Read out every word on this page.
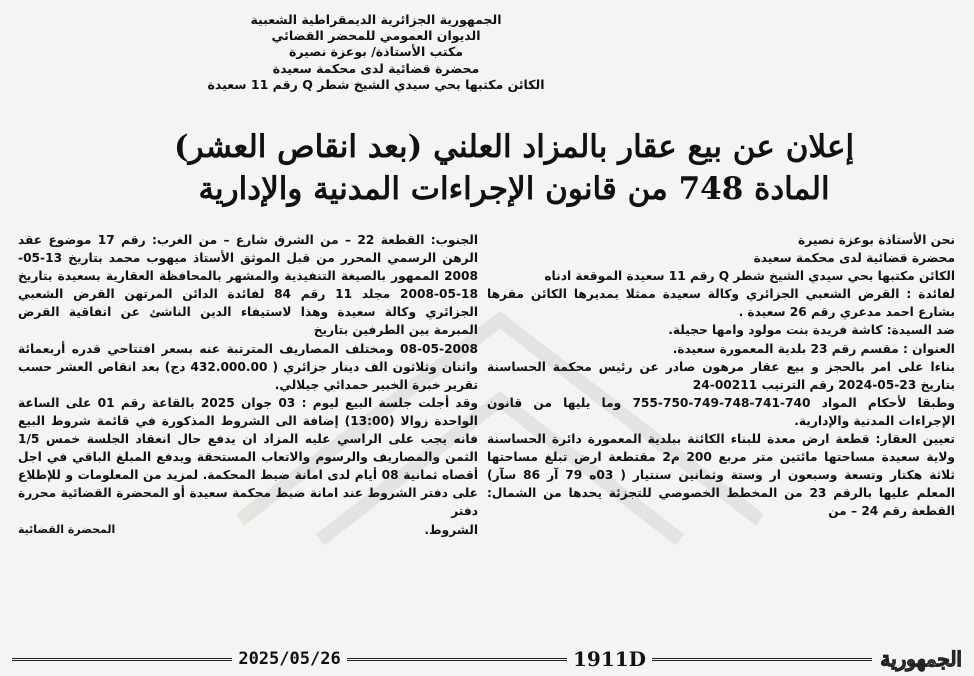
الجمهورية الجزائرية الديمقراطية الشعبية
الديوان العمومي للمحضر القضائي
مكتب الأستاذة/ بوعزة نصيرة
محضرة قضائية لدى محكمة سعيدة
الكائن مكتبها بحي سيدي الشيخ شطر Q رقم 11 سعيدة
إعلان عن بيع عقار بالمزاد العلني (بعد انقاص العشر)
المادة 748 من قانون الإجراءات المدنية والإدارية

نحن الأستاذة بوعزة نصيرة

محضرة قضائية لدى محكمة سعيدة

الكائن مكتبها بحي سيدي الشيخ شطر Q رقم 11 سعيدة الموقعة ادناه

لفائدة : القرض الشعبي الجزائري وكالة سعيدة ممثلا بمديرها الكائن مقرها بشارع احمد مدعري رقم 26 سعيدة .

ضد السيدة: كاشة فريدة بنت مولود وامها حجيلة.

العنوان : مقسم رقم 23 بلدية المعمورة سعيدة.

بناءا على امر بالحجز و بيع عقار مرهون صادر عن رئيس محكمة الحساسنة بتاريخ 23-05-2024 رقم الترتيب 00211-24

وطبقا لأحكام المواد 740-741-748-749-750-755 وما يليها من قانون الإجراءات المدنية والإدارية.

تعيين العقار: قطعة ارض معدة للبناء الكائنة ببلدية المعمورة دائرة الحساسنة ولاية سعيدة مساحتها مائتين متر مربع 200 م2 مقتطعة ارض تبلغ مساحتها ثلاثة هكتار وتسعة وسبعون ار وستة وثمانين سنتيار ( 03ه 79 آر 86 سآر) المعلم عليها بالرقم 23 من المخطط الخصوصي للتجزئة يحدها من الشمال: القطعة رقم 24 – من

الجنوب: القطعة 22 – من الشرق شارع – من الغرب: رقم 17 موضوع عقد الرهن الرسمي المحرر من قبل الموثق الأستاذ ميهوب محمد بتاريخ 13-05-2008 الممهور بالصيغة التنفيذية والمشهر بالمحافظة العقارية بسعيدة بتاريخ 18-05-2008 مجلد 11 رقم 84 لفائدة الدائن المرتهن القرض الشعبي الجزائري وكالة سعيدة وهذا لاستيفاء الدين الناشئ عن اتفاقية القرض المبرمة بين الطرفين بتاريخ

08-05-2008 ومختلف المصاريف المترتبة عنه بسعر افتتاحي قدره أربعمائة واثنان وثلاثون الف دينار جزائري ( 432.000.00 دج) بعد انقاص العشر حسب تقرير خبرة الخبير حمدائي جيلالي.

وقد أجلت جلسة البيع ليوم : 03 جوان 2025 بالقاعة رقم 01 على الساعة الواحدة زوالا (13:00) إضافة الى الشروط المذكورة في قائمة شروط البيع فانه يجب على الراسي عليه المزاد ان يدفع حال انعقاد الجلسة خمس 1/5 الثمن والمصاريف والرسوم والاتعاب المستحقة ويدفع المبلغ الباقي في اجل أقصاه ثمانية 08 أيام لدى امانة ضبط المحكمة. لمزيد من المعلومات و للإطلاع على دفتر الشروط عند امانة ضبط محكمة سعيدة أو المحضرة القضائية محررة دفتر

الشروط.
المحضرة القضائية
2025/05/26	1911D	الجمهورية
